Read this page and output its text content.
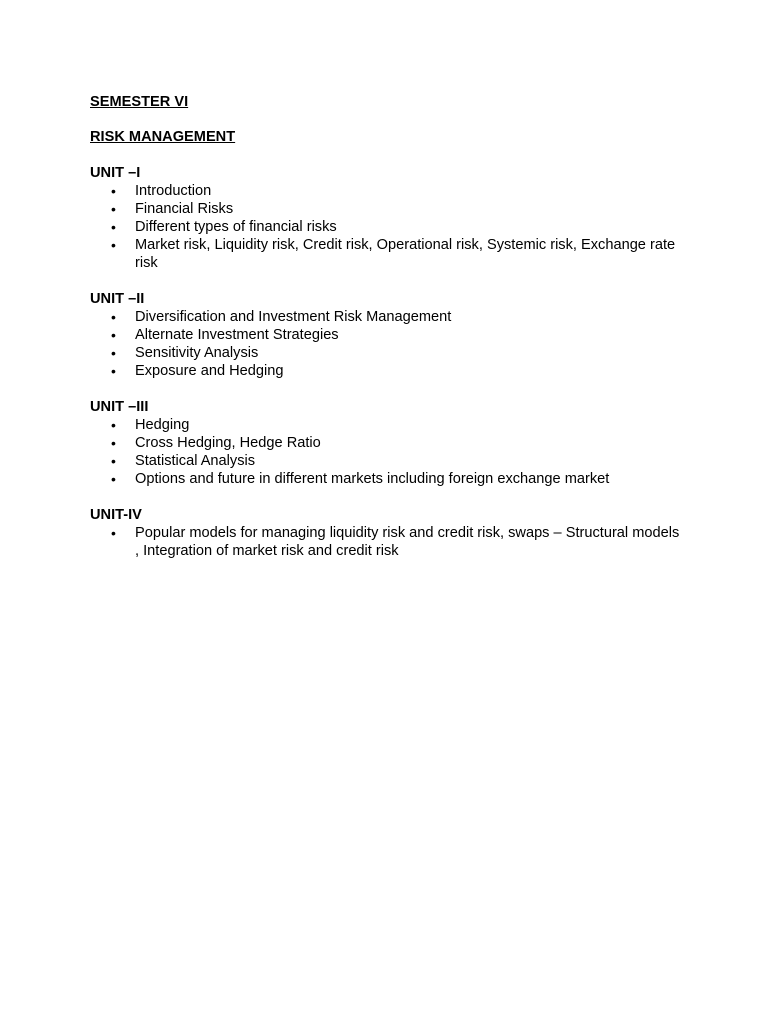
SEMESTER VI

RISK MANAGEMENT

UNIT –I

• Introduction
• Financial Risks
• Different types of financial risks
• Market risk, Liquidity risk, Credit risk, Operational risk, Systemic risk, Exchange rate risk

UNIT –II

• Diversification and Investment Risk Management
• Alternate Investment Strategies
• Sensitivity Analysis
• Exposure and Hedging

UNIT –III

• Hedging
• Cross Hedging, Hedge Ratio
• Statistical Analysis
• Options and future in different markets including foreign exchange market

UNIT-IV

• Popular models for managing liquidity risk and credit risk, swaps – Structural models , Integration of market risk and credit risk
